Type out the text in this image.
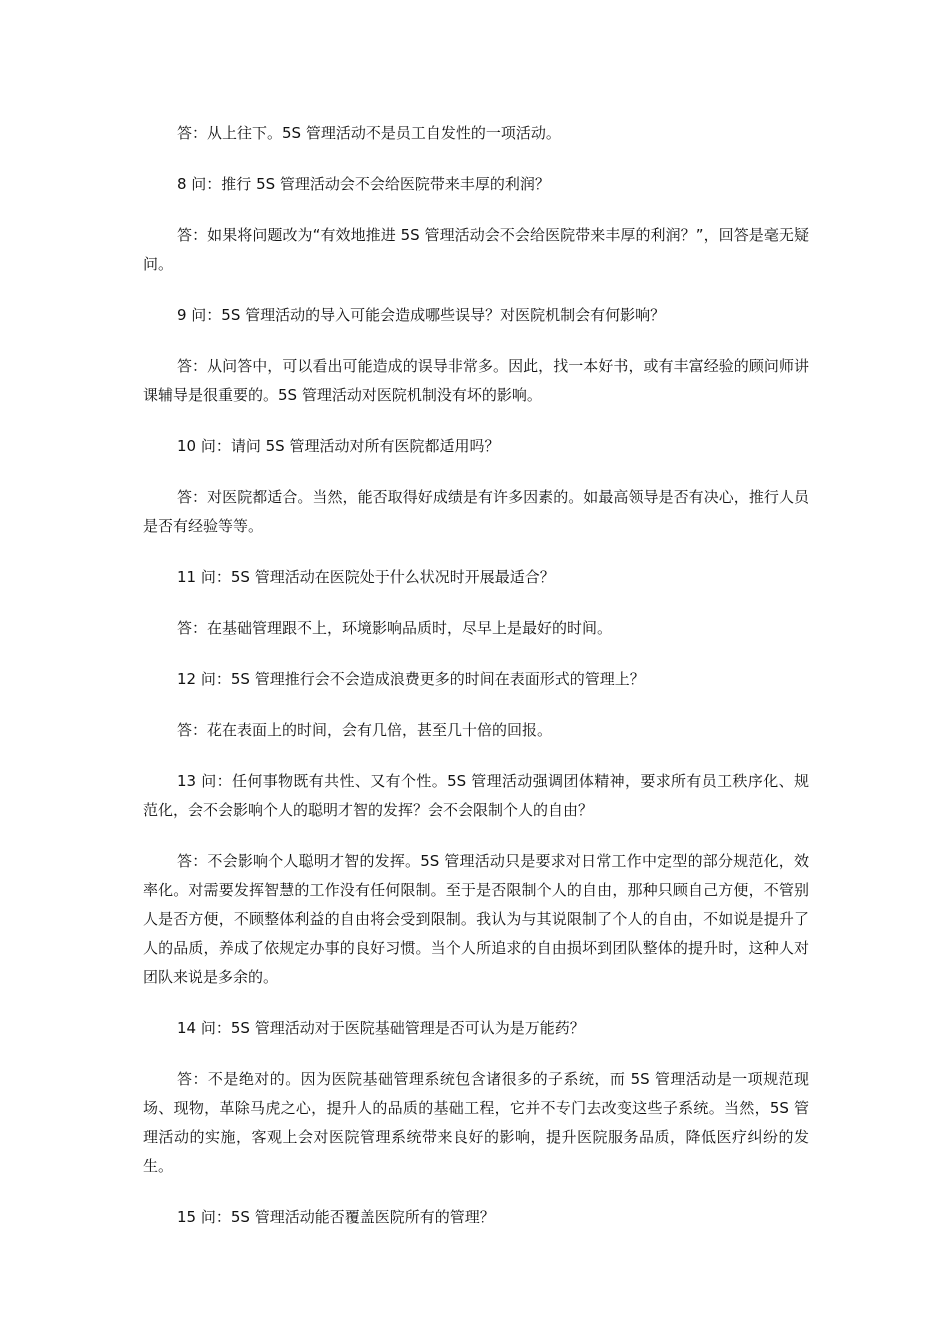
答：从上往下。5S 管理活动不是员工自发性的一项活动。

8 问：推行 5S 管理活动会不会给医院带来丰厚的利润？

答：如果将问题改为“有效地推进 5S 管理活动会不会给医院带来丰厚的利润？”，回答是毫无疑问。

9 问：5S 管理活动的导入可能会造成哪些误导？对医院机制会有何影响？

答：从问答中，可以看出可能造成的误导非常多。因此，找一本好书，或有丰富经验的顾问师讲课辅导是很重要的。5S 管理活动对医院机制没有坏的影响。

10 问：请问 5S 管理活动对所有医院都适用吗？

答：对医院都适合。当然，能否取得好成绩是有许多因素的。如最高领导是否有决心，推行人员是否有经验等等。

11 问：5S 管理活动在医院处于什么状况时开展最适合？

答：在基础管理跟不上，环境影响品质时，尽早上是最好的时间。

12 问：5S 管理推行会不会造成浪费更多的时间在表面形式的管理上？

答：花在表面上的时间，会有几倍，甚至几十倍的回报。

13 问：任何事物既有共性、又有个性。5S 管理活动强调团体精神，要求所有员工秩序化、规范化，会不会影响个人的聪明才智的发挥？会不会限制个人的自由？

答：不会影响个人聪明才智的发挥。5S 管理活动只是要求对日常工作中定型的部分规范化，效率化。对需要发挥智慧的工作没有任何限制。至于是否限制个人的自由，那种只顾自己方便，不管别人是否方便，不顾整体利益的自由将会受到限制。我认为与其说限制了个人的自由，不如说是提升了人的品质，养成了依规定办事的良好习惯。当个人所追求的自由损坏到团队整体的提升时，这种人对团队来说是多余的。

14 问：5S 管理活动对于医院基础管理是否可认为是万能药？

答：不是绝对的。因为医院基础管理系统包含诸很多的子系统，而 5S 管理活动是一项规范现场、现物，革除马虎之心，提升人的品质的基础工程，它并不专门去改变这些子系统。当然，5S 管理活动的实施，客观上会对医院管理系统带来良好的影响，提升医院服务品质，降低医疗纠纷的发生。

15 问：5S 管理活动能否覆盖医院所有的管理？
